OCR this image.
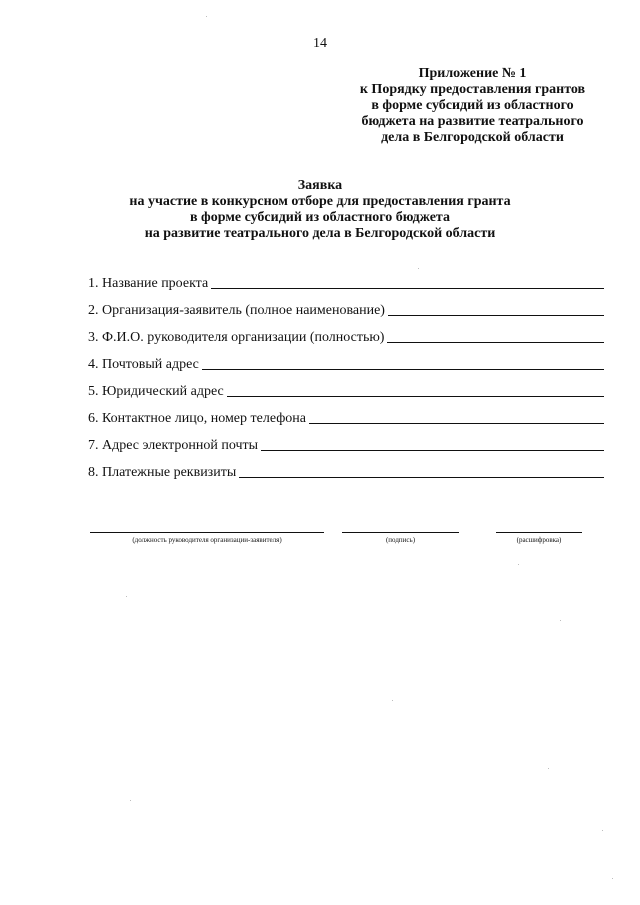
14
Приложение № 1
к Порядку предоставления грантов
в форме субсидий из областного
бюджета на развитие театрального
дела в Белгородской области
Заявка
на участие в конкурсном отборе для предоставления гранта
в форме субсидий из областного бюджета
на развитие театрального дела в Белгородской области
1. Название проекта
2. Организация-заявитель (полное наименование)
3. Ф.И.О. руководителя организации (полностью)
4. Почтовый адрес
5. Юридический адрес
6. Контактное лицо, номер телефона
7. Адрес электронной почты
8. Платежные реквизиты
(должность руководителя организации-заявителя)	(подпись)	(расшифровка)
